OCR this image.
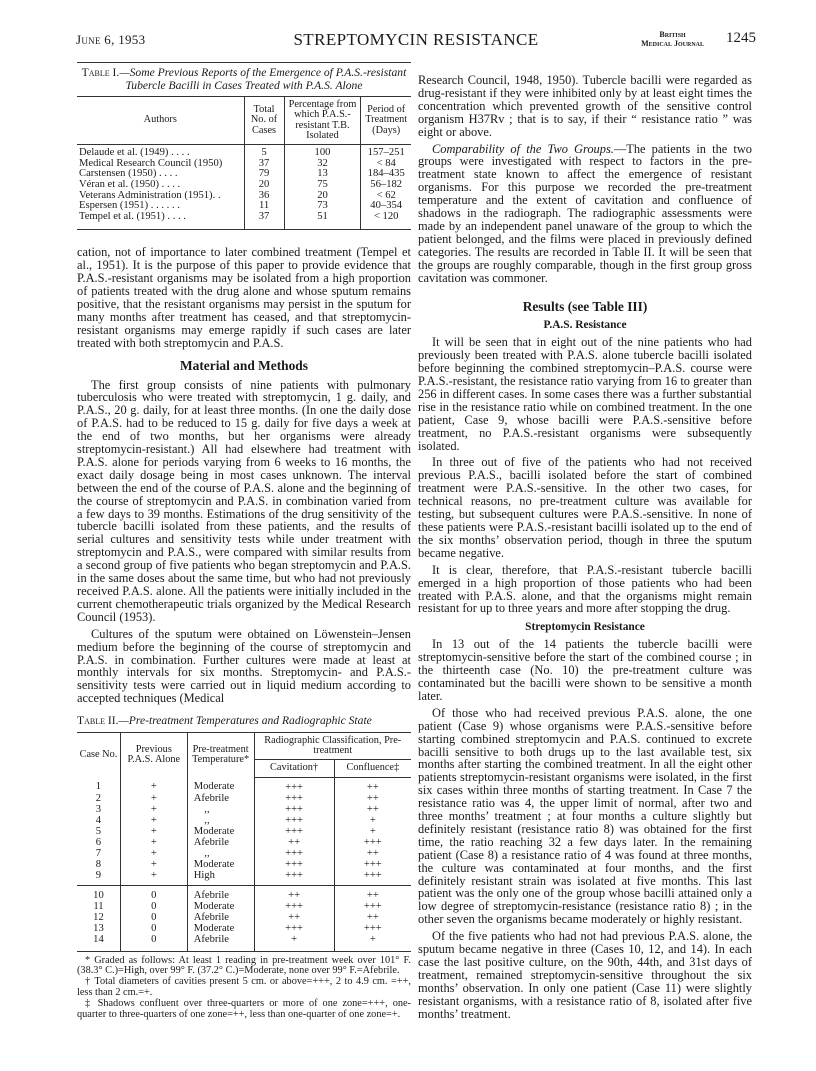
June 6, 1953	STREPTOMYCIN RESISTANCE	British
Medical Journal 1245
Table I.—Some Previous Reports of the Emergence of P.A.S.-resistant Tubercle Bacilli in Cases Treated with P.A.S. Alone
Authors	Total No. of Cases	Percentage from which P.A.S.-resistant T.B. Isolated	Period of Treatment (Days)
Delaude et al. (1949) . . . .	5	100	157–251
Medical Research Council (1950)	37	32	< 84
Carstensen (1950) . . . .	79	13	184–435
Véran et al. (1950) . . . .	20	75	56–182
Veterans Administration (1951). .	36	20	< 62
Espersen (1951) . . . . . .	11	73	40–354
Tempel et al. (1951) . . . .	37	51	< 120

cation, not of importance to later combined treatment (Tempel et al., 1951). It is the purpose of this paper to provide evidence that P.A.S.-resistant organisms may be isolated from a high proportion of patients treated with the drug alone and whose sputum remains positive, that the resistant organisms may persist in the sputum for many months after treatment has ceased, and that streptomycin-resistant organisms may emerge rapidly if such cases are later treated with both streptomycin and P.A.S.

Material and Methods

The first group consists of nine patients with pulmonary tuberculosis who were treated with streptomycin, 1 g. daily, and P.A.S., 20 g. daily, for at least three months. (In one the daily dose of P.A.S. had to be reduced to 15 g. daily for five days a week at the end of two months, but her organisms were already streptomycin-resistant.) All had elsewhere had treatment with P.A.S. alone for periods varying from 6 weeks to 16 months, the exact daily dosage being in most cases unknown. The interval between the end of the course of P.A.S. alone and the beginning of the course of streptomycin and P.A.S. in combination varied from a few days to 39 months. Estimations of the drug sensitivity of the tubercle bacilli isolated from these patients, and the results of serial cultures and sensitivity tests while under treatment with streptomycin and P.A.S., were compared with similar results from a second group of five patients who began streptomycin and P.A.S. in the same doses about the same time, but who had not previously received P.A.S. alone. All the patients were initially included in the current chemotherapeutic trials organized by the Medical Research Council (1953).

Cultures of the sputum were obtained on Löwenstein–Jensen medium before the beginning of the course of streptomycin and P.A.S. in combination. Further cultures were made at least at monthly intervals for six months. Streptomycin- and P.A.S.-sensitivity tests were carried out in liquid medium according to accepted techniques (Medical

Table II.—Pre-treatment Temperatures and Radiographic State
Case No.	Previous P.A.S. Alone	Pre-treatment Temperature*	Radiographic Classification, Pre-treatment	
			Cavitation†	Confluence‡
1	+	Moderate	+++	++
2	+	Afebrile	+++	++
3	+	,,	+++	++
4	+	,,	+++	+
5	+	Moderate	+++	+
6	+	Afebrile	++	+++
7	+	,,	+++	++
8	+	Moderate	+++	+++
9	+	High	+++	+++
10	0	Afebrile	++	++
11	0	Moderate	+++	+++
12	0	Afebrile	++	++
13	0	Moderate	+++	+++
14	0	Afebrile	+	+

* Graded as follows: At least 1 reading in pre-treatment week over 101° F. (38.3° C.)=High, over 99° F. (37.2° C.)=Moderate, none over 99° F.=Afebrile.

† Total diameters of cavities present 5 cm. or above=+++, 2 to 4.9 cm. =++, less than 2 cm.=+.

‡ Shadows confluent over three-quarters or more of one zone=+++, one-quarter to three-quarters of one zone=++, less than one-quarter of one zone=+.

Research Council, 1948, 1950). Tubercle bacilli were regarded as drug-resistant if they were inhibited only by at least eight times the concentration which prevented growth of the sensitive control organism H37Rv ; that is to say, if their “ resistance ratio ” was eight or above.

Comparability of the Two Groups.—The patients in the two groups were investigated with respect to factors in the pre-treatment state known to affect the emergence of resistant organisms. For this purpose we recorded the pre-treatment temperature and the extent of cavitation and confluence of shadows in the radiograph. The radiographic assessments were made by an independent panel unaware of the group to which the patient belonged, and the films were placed in previously defined categories. The results are recorded in Table II. It will be seen that the groups are roughly comparable, though in the first group gross cavitation was commoner.

Results (see Table III)
P.A.S. Resistance

It will be seen that in eight out of the nine patients who had previously been treated with P.A.S. alone tubercle bacilli isolated before beginning the combined streptomycin–P.A.S. course were P.A.S.-resistant, the resistance ratio varying from 16 to greater than 256 in different cases. In some cases there was a further substantial rise in the resistance ratio while on combined treatment. In the one patient, Case 9, whose bacilli were P.A.S.-sensitive before treatment, no P.A.S.-resistant organisms were subsequently isolated.

In three out of five of the patients who had not received previous P.A.S., bacilli isolated before the start of combined treatment were P.A.S.-sensitive. In the other two cases, for technical reasons, no pre-treatment culture was available for testing, but subsequent cultures were P.A.S.-sensitive. In none of these patients were P.A.S.-resistant bacilli isolated up to the end of the six months’ observation period, though in three the sputum became negative.

It is clear, therefore, that P.A.S.-resistant tubercle bacilli emerged in a high proportion of those patients who had been treated with P.A.S. alone, and that the organisms might remain resistant for up to three years and more after stopping the drug.

Streptomycin Resistance

In 13 out of the 14 patients the tubercle bacilli were streptomycin-sensitive before the start of the combined course ; in the thirteenth case (No. 10) the pre-treatment culture was contaminated but the bacilli were shown to be sensitive a month later.

Of those who had received previous P.A.S. alone, the one patient (Case 9) whose organisms were P.A.S.-sensitive before starting combined streptomycin and P.A.S. continued to excrete bacilli sensitive to both drugs up to the last available test, six months after starting the combined treatment. In all the eight other patients streptomycin-resistant organisms were isolated, in the first six cases within three months of starting treatment. In Case 7 the resistance ratio was 4, the upper limit of normal, after two and three months’ treatment ; at four months a culture slightly but definitely resistant (resistance ratio 8) was obtained for the first time, the ratio reaching 32 a few days later. In the remaining patient (Case 8) a resistance ratio of 4 was found at three months, the culture was contaminated at four months, and the first definitely resistant strain was isolated at five months. This last patient was the only one of the group whose bacilli attained only a low degree of streptomycin-resistance (resistance ratio 8) ; in the other seven the organisms became moderately or highly resistant.

Of the five patients who had not had previous P.A.S. alone, the sputum became negative in three (Cases 10, 12, and 14). In each case the last positive culture, on the 90th, 44th, and 31st days of treatment, remained streptomycin-sensitive throughout the six months’ observation. In only one patient (Case 11) were slightly resistant organisms, with a resistance ratio of 8, isolated after five months’ treatment.
